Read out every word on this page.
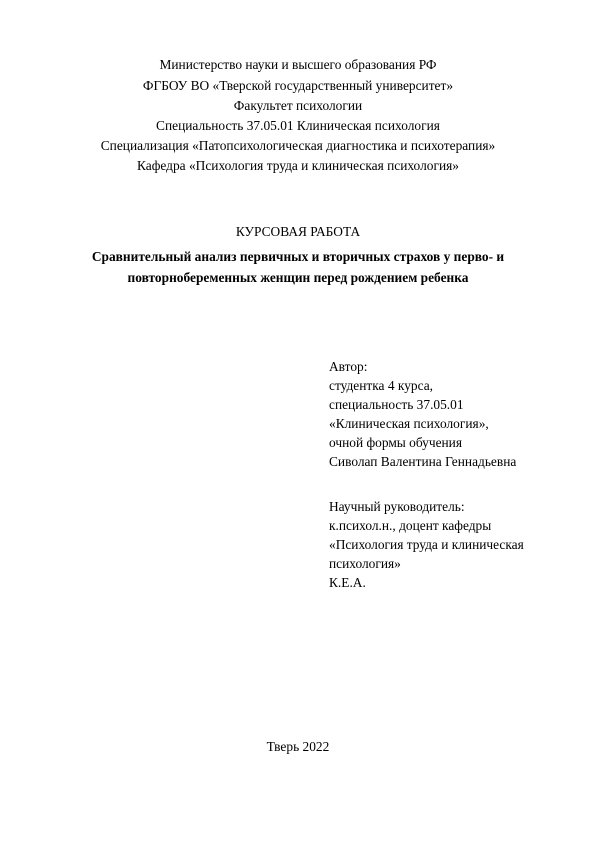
Министерство науки и высшего образования РФ
ФГБОУ ВО «Тверской государственный университет»
Факультет психологии
Специальность 37.05.01 Клиническая психология
Специализация «Патопсихологическая диагностика и психотерапия»
Кафедра «Психология труда и клиническая психология»
КУРСОВАЯ РАБОТА
Сравнительный анализ первичных и вторичных страхов у перво- и
повторнобеременных женщин перед рождением ребенка
Автор:
студентка 4 курса,
специальность 37.05.01
«Клиническая психология»,
очной формы обучения
Сиволап Валентина Геннадьевна
Научный руководитель:
к.психол.н., доцент кафедры
«Психология труда и клиническая
психология»
К.Е.А.
Тверь 2022
